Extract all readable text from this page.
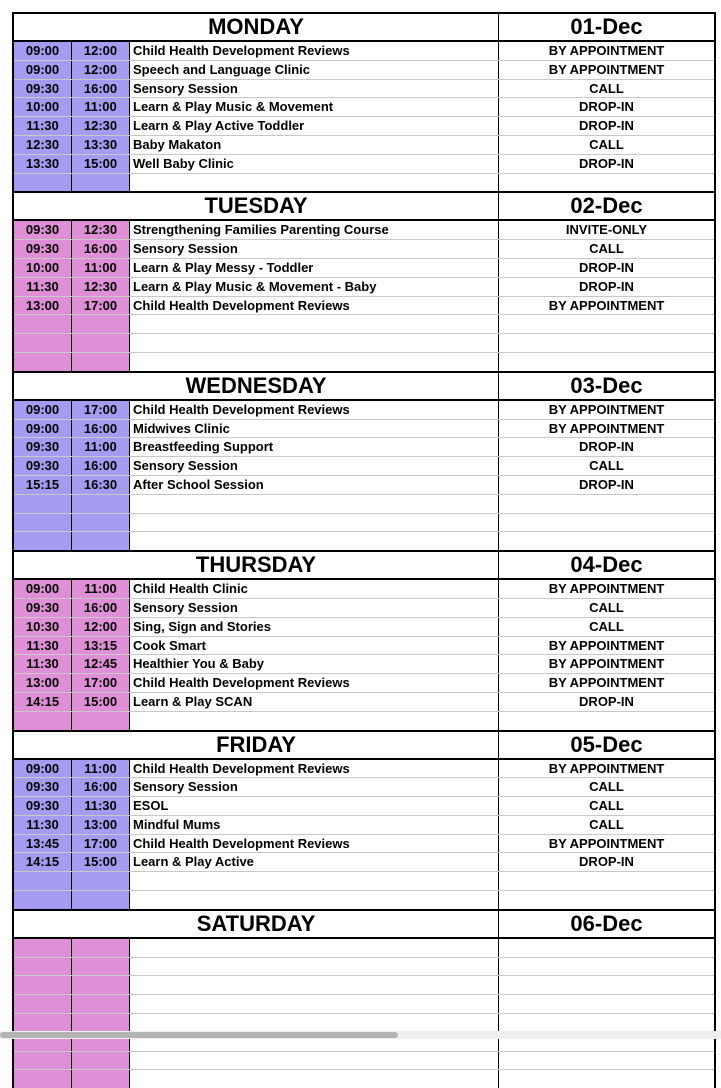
MONDAY	01-Dec
09:00	12:00	Child Health Development Reviews	BY APPOINTMENT
09:00	12:00	Speech and Language Clinic	BY APPOINTMENT
09:30	16:00	Sensory Session	CALL
10:00	11:00	Learn & Play Music & Movement	DROP-IN
11:30	12:30	Learn & Play Active Toddler	DROP-IN
12:30	13:30	Baby Makaton	CALL
13:30	15:00	Well Baby Clinic	DROP-IN
TUESDAY	02-Dec
09:30	12:30	Strengthening Families Parenting Course	INVITE-ONLY
09:30	16:00	Sensory Session	CALL
10:00	11:00	Learn & Play Messy - Toddler	DROP-IN
11:30	12:30	Learn & Play Music & Movement - Baby	DROP-IN
13:00	17:00	Child Health Development Reviews	BY APPOINTMENT
WEDNESDAY	03-Dec
09:00	17:00	Child Health Development Reviews	BY APPOINTMENT
09:00	16:00	Midwives Clinic	BY APPOINTMENT
09:30	11:00	Breastfeeding Support	DROP-IN
09:30	16:00	Sensory Session	CALL
15:15	16:30	After School Session	DROP-IN
THURSDAY	04-Dec
09:00	11:00	Child Health Clinic	BY APPOINTMENT
09:30	16:00	Sensory Session	CALL
10:30	12:00	Sing, Sign and Stories	CALL
11:30	13:15	Cook Smart	BY APPOINTMENT
11:30	12:45	Healthier You & Baby	BY APPOINTMENT
13:00	17:00	Child Health Development Reviews	BY APPOINTMENT
14:15	15:00	Learn & Play SCAN	DROP-IN
FRIDAY	05-Dec
09:00	11:00	Child Health Development Reviews	BY APPOINTMENT
09:30	16:00	Sensory Session	CALL
09:30	11:30	ESOL	CALL
11:30	13:00	Mindful Mums	CALL
13:45	17:00	Child Health Development Reviews	BY APPOINTMENT
14:15	15:00	Learn & Play Active	DROP-IN
SATURDAY	06-Dec
